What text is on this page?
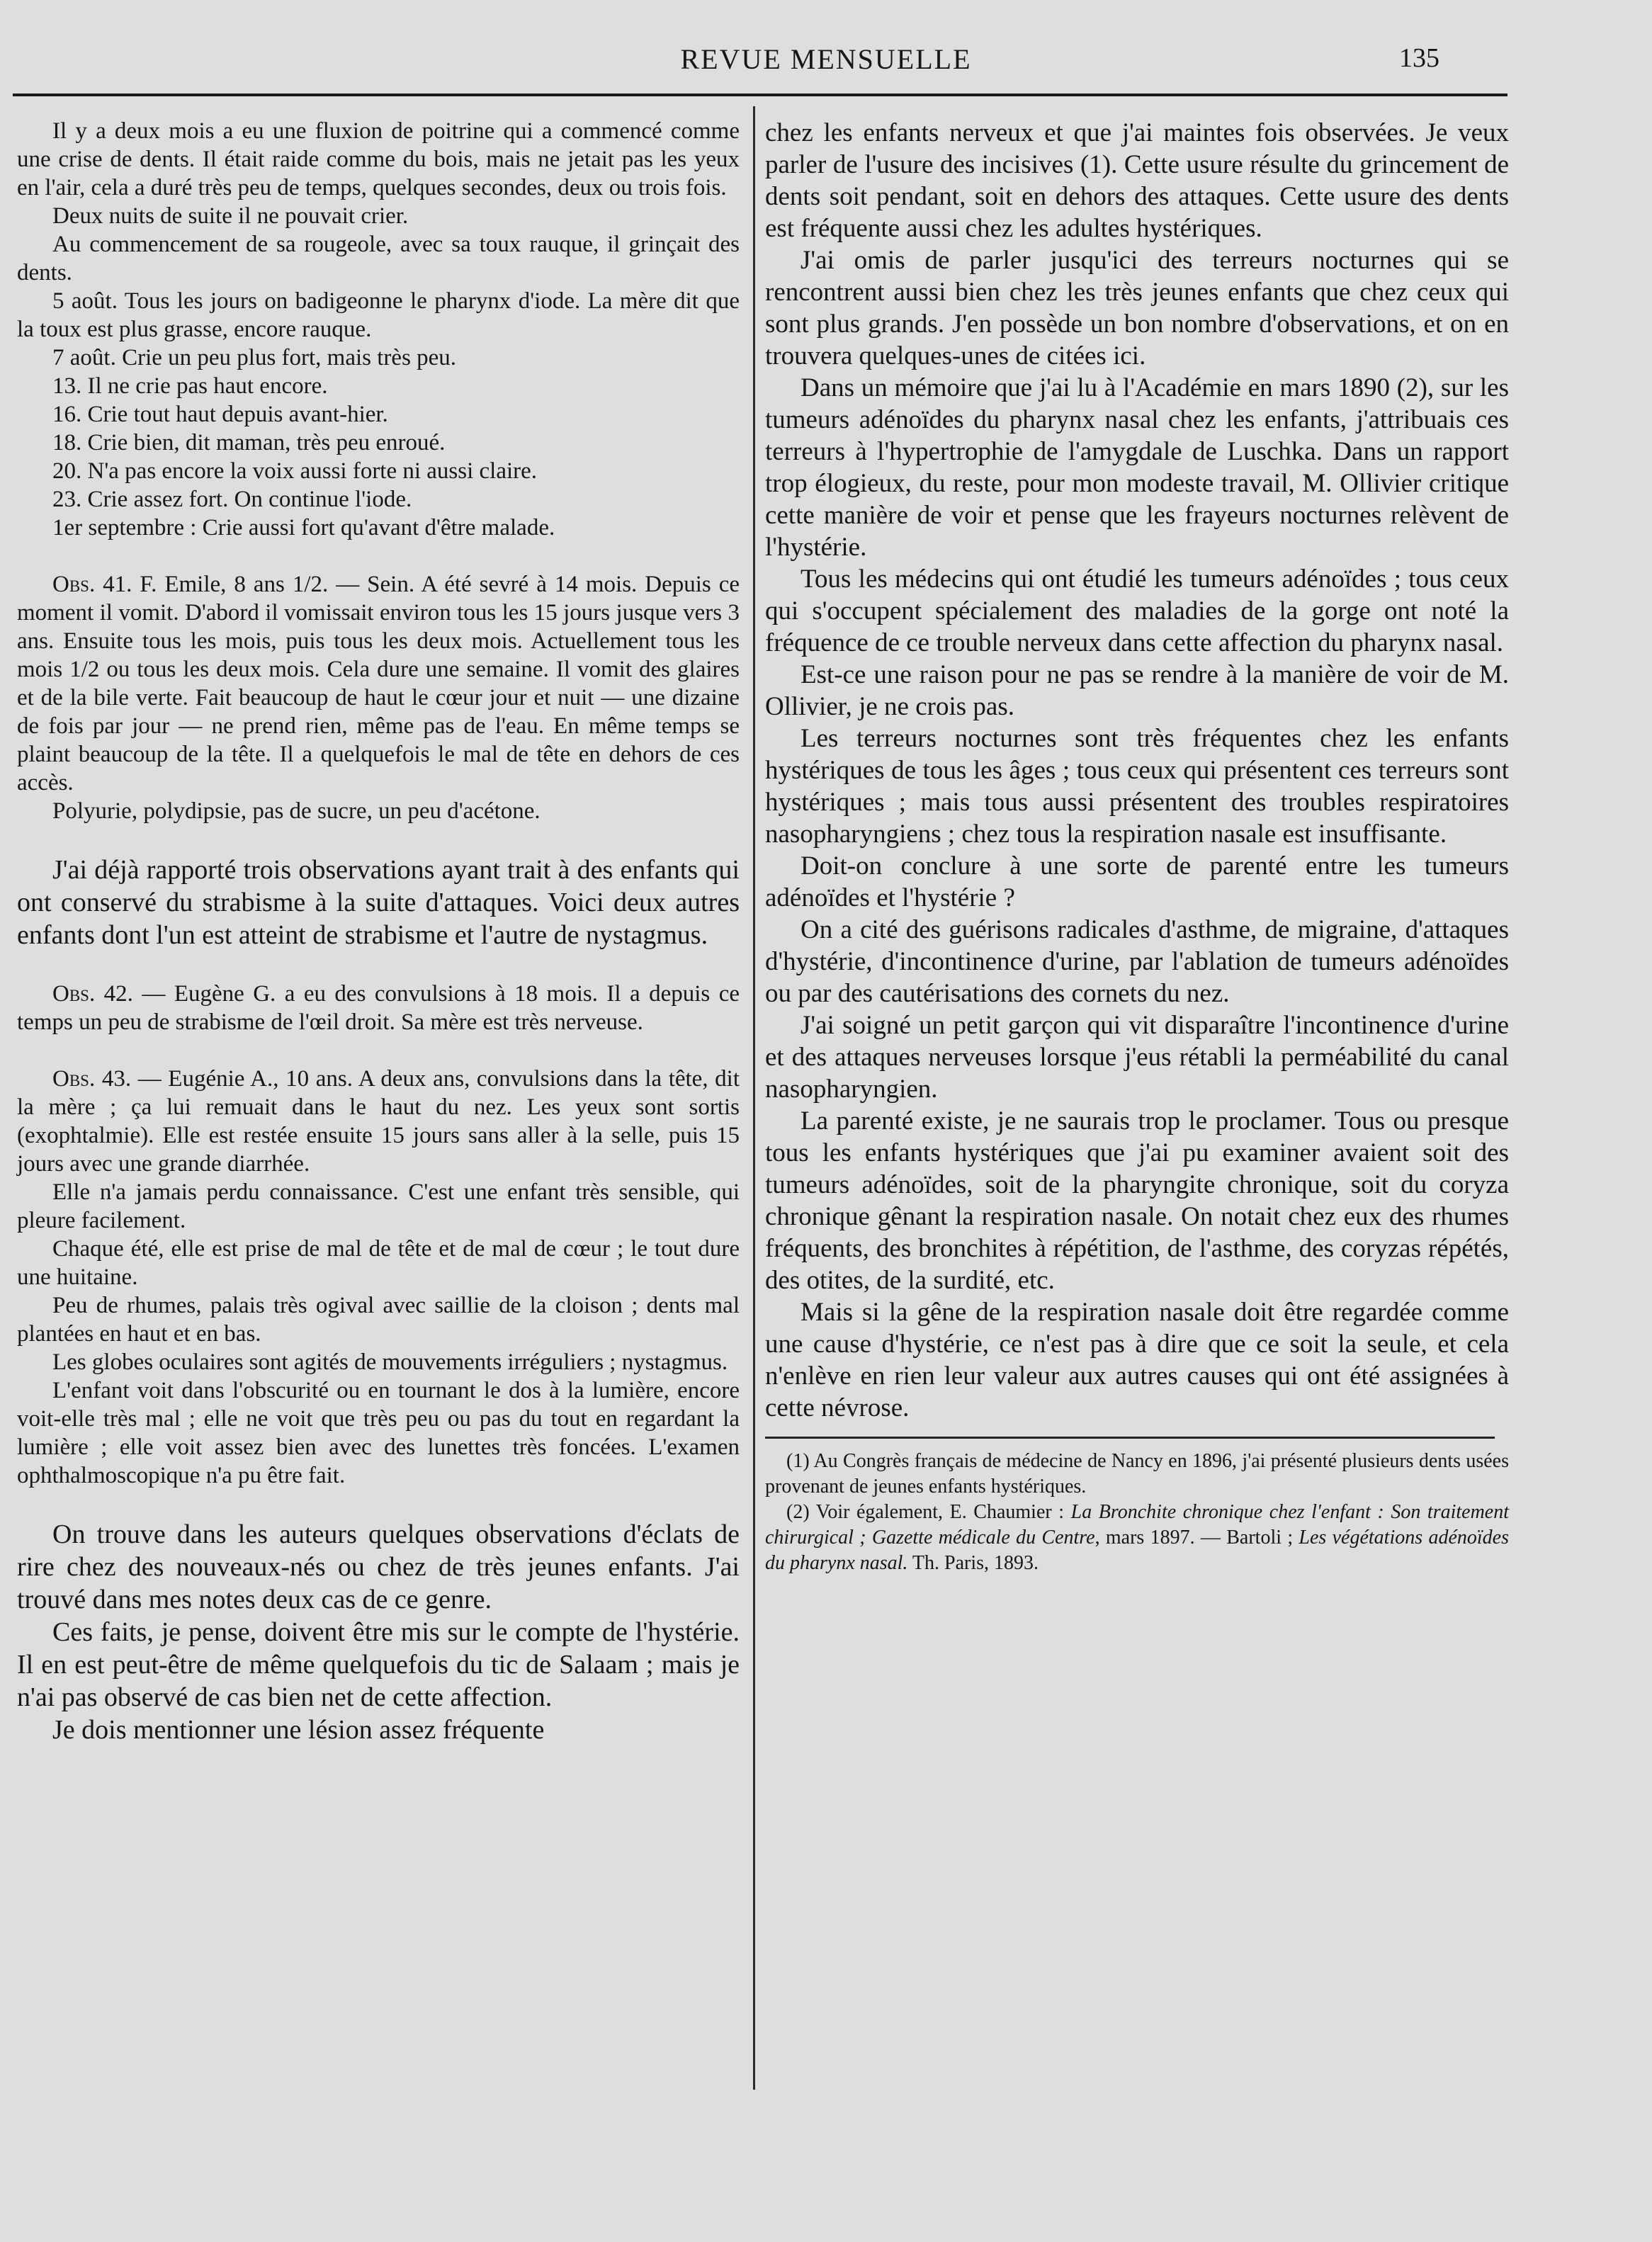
REVUE MENSUELLE	135

Il y a deux mois a eu une fluxion de poitrine qui a commencé comme une crise de dents. Il était raide comme du bois, mais ne jetait pas les yeux en l'air, cela a duré très peu de temps, quelques secondes, deux ou trois fois.

Deux nuits de suite il ne pouvait crier.

Au commencement de sa rougeole, avec sa toux rauque, il grinçait des dents.

5 août. Tous les jours on badigeonne le pharynx d'iode. La mère dit que la toux est plus grasse, encore rauque.

7 août. Crie un peu plus fort, mais très peu.

13. Il ne crie pas haut encore.

16. Crie tout haut depuis avant-hier.

18. Crie bien, dit maman, très peu enroué.

20. N'a pas encore la voix aussi forte ni aussi claire.

23. Crie assez fort. On continue l'iode.

1er septembre : Crie aussi fort qu'avant d'être malade.

Obs. 41. F. Emile, 8 ans 1/2. — Sein. A été sevré à 14 mois. Depuis ce moment il vomit. D'abord il vomissait environ tous les 15 jours jusque vers 3 ans. Ensuite tous les mois, puis tous les deux mois. Actuellement tous les mois 1/2 ou tous les deux mois. Cela dure une semaine. Il vomit des glaires et de la bile verte. Fait beaucoup de haut le cœur jour et nuit — une dizaine de fois par jour — ne prend rien, même pas de l'eau. En même temps se plaint beaucoup de la tête. Il a quelquefois le mal de tête en dehors de ces accès.

Polyurie, polydipsie, pas de sucre, un peu d'acétone.

J'ai déjà rapporté trois observations ayant trait à des enfants qui ont conservé du strabisme à la suite d'attaques. Voici deux autres enfants dont l'un est atteint de strabisme et l'autre de nystagmus.

Obs. 42. — Eugène G. a eu des convulsions à 18 mois. Il a depuis ce temps un peu de strabisme de l'œil droit. Sa mère est très nerveuse.

Obs. 43. — Eugénie A., 10 ans. A deux ans, convulsions dans la tête, dit la mère ; ça lui remuait dans le haut du nez. Les yeux sont sortis (exophtalmie). Elle est restée ensuite 15 jours sans aller à la selle, puis 15 jours avec une grande diarrhée.

Elle n'a jamais perdu connaissance. C'est une enfant très sensible, qui pleure facilement.

Chaque été, elle est prise de mal de tête et de mal de cœur ; le tout dure une huitaine.

Peu de rhumes, palais très ogival avec saillie de la cloison ; dents mal plantées en haut et en bas.

Les globes oculaires sont agités de mouvements irréguliers ; nystagmus.

L'enfant voit dans l'obscurité ou en tournant le dos à la lumière, encore voit-elle très mal ; elle ne voit que très peu ou pas du tout en regardant la lumière ; elle voit assez bien avec des lunettes très foncées. L'examen ophthalmoscopique n'a pu être fait.

On trouve dans les auteurs quelques observations d'éclats de rire chez des nouveaux-nés ou chez de très jeunes enfants. J'ai trouvé dans mes notes deux cas de ce genre.

Ces faits, je pense, doivent être mis sur le compte de l'hystérie. Il en est peut-être de même quelquefois du tic de Salaam ; mais je n'ai pas observé de cas bien net de cette affection.

Je dois mentionner une lésion assez fréquente

chez les enfants nerveux et que j'ai maintes fois observées. Je veux parler de l'usure des incisives (1). Cette usure résulte du grincement de dents soit pendant, soit en dehors des attaques. Cette usure des dents est fréquente aussi chez les adultes hystériques.

J'ai omis de parler jusqu'ici des terreurs nocturnes qui se rencontrent aussi bien chez les très jeunes enfants que chez ceux qui sont plus grands. J'en possède un bon nombre d'observations, et on en trouvera quelques-unes de citées ici.

Dans un mémoire que j'ai lu à l'Académie en mars 1890 (2), sur les tumeurs adénoïdes du pharynx nasal chez les enfants, j'attribuais ces terreurs à l'hypertrophie de l'amygdale de Luschka. Dans un rapport trop élogieux, du reste, pour mon modeste travail, M. Ollivier critique cette manière de voir et pense que les frayeurs nocturnes relèvent de l'hystérie.

Tous les médecins qui ont étudié les tumeurs adénoïdes ; tous ceux qui s'occupent spécialement des maladies de la gorge ont noté la fréquence de ce trouble nerveux dans cette affection du pharynx nasal.

Est-ce une raison pour ne pas se rendre à la manière de voir de M. Ollivier, je ne crois pas.

Les terreurs nocturnes sont très fréquentes chez les enfants hystériques de tous les âges ; tous ceux qui présentent ces terreurs sont hystériques ; mais tous aussi présentent des troubles respiratoires nasopharyngiens ; chez tous la respiration nasale est insuffisante.

Doit-on conclure à une sorte de parenté entre les tumeurs adénoïdes et l'hystérie ?

On a cité des guérisons radicales d'asthme, de migraine, d'attaques d'hystérie, d'incontinence d'urine, par l'ablation de tumeurs adénoïdes ou par des cautérisations des cornets du nez.

J'ai soigné un petit garçon qui vit disparaître l'incontinence d'urine et des attaques nerveuses lorsque j'eus rétabli la perméabilité du canal nasopharyngien.

La parenté existe, je ne saurais trop le proclamer. Tous ou presque tous les enfants hystériques que j'ai pu examiner avaient soit des tumeurs adénoïdes, soit de la pharyngite chronique, soit du coryza chronique gênant la respiration nasale. On notait chez eux des rhumes fréquents, des bronchites à répétition, de l'asthme, des coryzas répétés, des otites, de la surdité, etc.

Mais si la gêne de la respiration nasale doit être regardée comme une cause d'hystérie, ce n'est pas à dire que ce soit la seule, et cela n'enlève en rien leur valeur aux autres causes qui ont été assignées à cette névrose.

(1) Au Congrès français de médecine de Nancy en 1896, j'ai présenté plusieurs dents usées provenant de jeunes enfants hystériques.

(2) Voir également, E. Chaumier : La Bronchite chronique chez l'enfant : Son traitement chirurgical ; Gazette médicale du Centre, mars 1897. — Bartoli ; Les végétations adénoïdes du pharynx nasal. Th. Paris, 1893.
